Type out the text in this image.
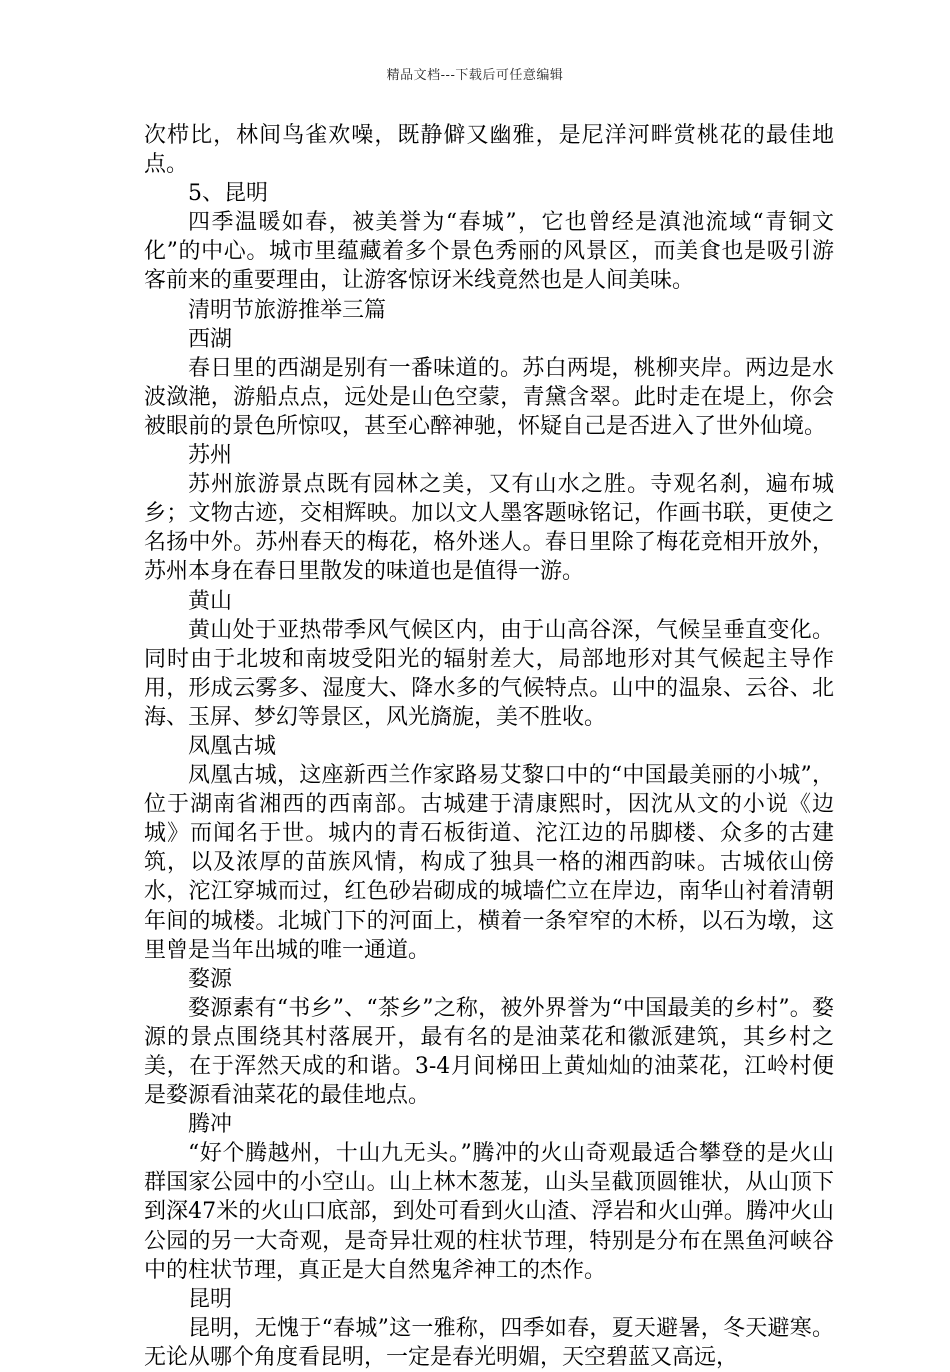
精品文档---下载后可任意编辑

次栉比，林间鸟雀欢噪，既静僻又幽雅，是尼洋河畔赏桃花的最佳地点。

5、昆明

四季温暖如春，被美誉为“春城”，它也曾经是滇池流域“青铜文化”的中心。城市里蕴藏着多个景色秀丽的风景区，而美食也是吸引游客前来的重要理由，让游客惊讶米线竟然也是人间美味。

清明节旅游推举三篇

西湖

春日里的西湖是别有一番味道的。苏白两堤，桃柳夹岸。两边是水波潋滟，游船点点，远处是山色空蒙，青黛含翠。此时走在堤上，你会被眼前的景色所惊叹，甚至心醉神驰，怀疑自己是否进入了世外仙境。

苏州

苏州旅游景点既有园林之美，又有山水之胜。寺观名刹，遍布城乡；文物古迹，交相辉映。加以文人墨客题咏铭记，作画书联，更使之名扬中外。苏州春天的梅花，格外迷人。春日里除了梅花竞相开放外，苏州本身在春日里散发的味道也是值得一游。

黄山

黄山处于亚热带季风气候区内，由于山高谷深，气候呈垂直变化。同时由于北坡和南坡受阳光的辐射差大，局部地形对其气候起主导作用，形成云雾多、湿度大、降水多的气候特点。山中的温泉、云谷、北海、玉屏、梦幻等景区，风光旖旎，美不胜收。

凤凰古城

凤凰古城，这座新西兰作家路易艾黎口中的“中国最美丽的小城”，位于湖南省湘西的西南部。古城建于清康熙时，因沈从文的小说《边城》而闻名于世。城内的青石板街道、沱江边的吊脚楼、众多的古建筑，以及浓厚的苗族风情，构成了独具一格的湘西韵味。古城依山傍水，沱江穿城而过，红色砂岩砌成的城墙伫立在岸边，南华山衬着清朝年间的城楼。北城门下的河面上，横着一条窄窄的木桥，以石为墩，这里曾是当年出城的唯一通道。

婺源

婺源素有“书乡”、“茶乡”之称，被外界誉为“中国最美的乡村”。婺源的景点围绕其村落展开，最有名的是油菜花和徽派建筑，其乡村之美，在于浑然天成的和谐。3-4月间梯田上黄灿灿的油菜花，江岭村便是婺源看油菜花的最佳地点。

腾冲

“好个腾越州，十山九无头。”腾冲的火山奇观最适合攀登的是火山群国家公园中的小空山。山上林木葱茏，山头呈截顶圆锥状，从山顶下到深47米的火山口底部，到处可看到火山渣、浮岩和火山弹。腾冲火山公园的另一大奇观，是奇异壮观的柱状节理，特别是分布在黑鱼河峡谷中的柱状节理，真正是大自然鬼斧神工的杰作。

昆明

昆明，无愧于“春城”这一雅称，四季如春，夏天避暑，冬天避寒。无论从哪个角度看昆明，一定是春光明媚，天空碧蓝又高远，
